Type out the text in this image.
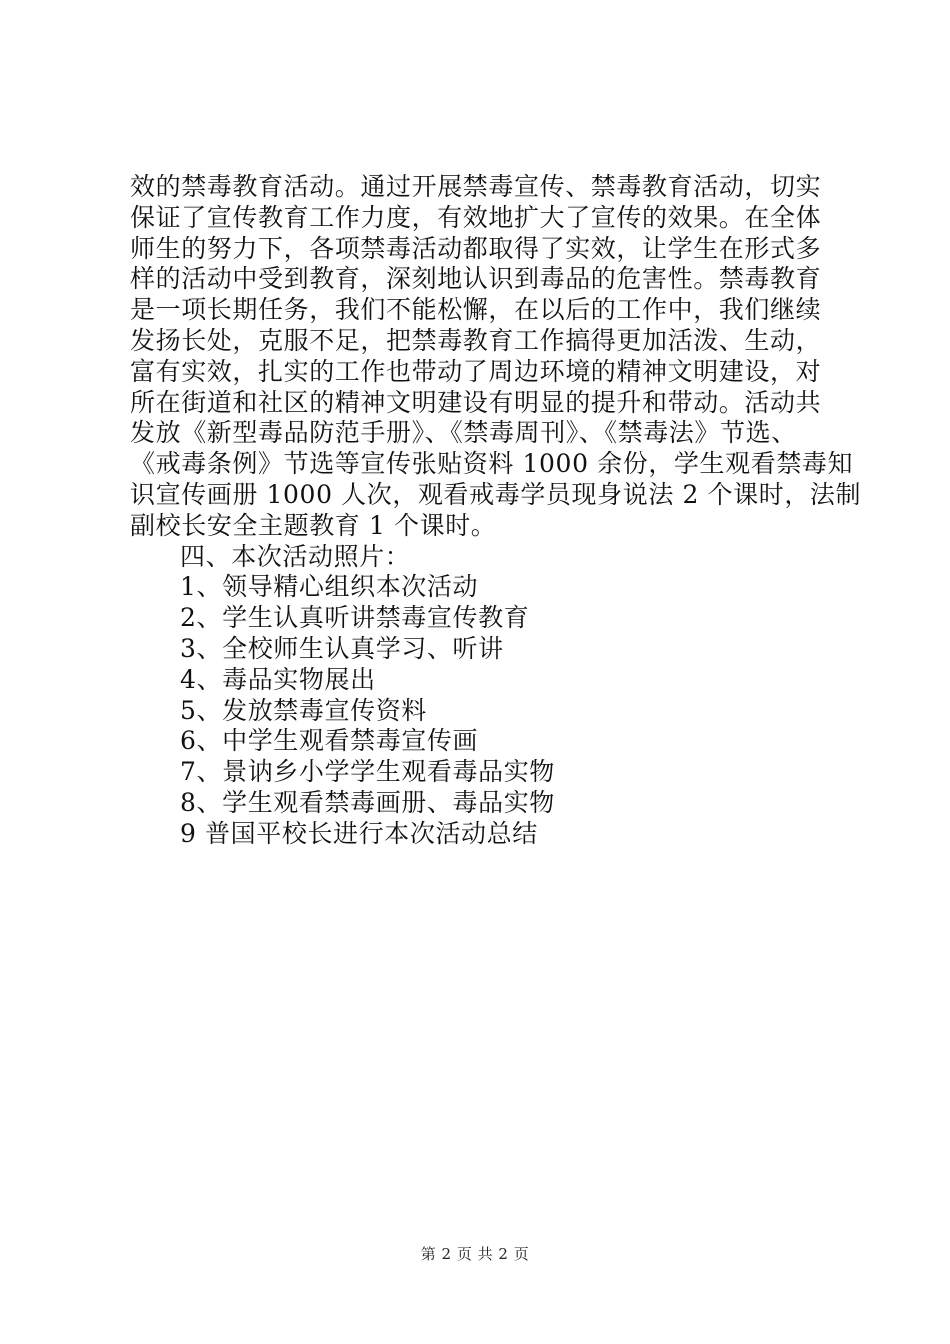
效的禁毒教育活动。通过开展禁毒宣传、禁毒教育活动，切实
保证了宣传教育工作力度，有效地扩大了宣传的效果。在全体
师生的努力下，各项禁毒活动都取得了实效，让学生在形式多
样的活动中受到教育，深刻地认识到毒品的危害性。禁毒教育
是一项长期任务，我们不能松懈，在以后的工作中，我们继续
发扬长处，克服不足，把禁毒教育工作搞得更加活泼、生动，
富有实效，扎实的工作也带动了周边环境的精神文明建设，对
所在街道和社区的精神文明建设有明显的提升和带动。活动共
发放《新型毒品防范手册》、《禁毒周刊》、《禁毒法》节选、
《戒毒条例》节选等宣传张贴资料 1000 余份，学生观看禁毒知
识宣传画册 1000 人次，观看戒毒学员现身说法 2 个课时，法制
副校长安全主题教育 1 个课时。
四、本次活动照片：
1、领导精心组织本次活动
2、学生认真听讲禁毒宣传教育
3、全校师生认真学习、听讲
4、毒品实物展出
5、发放禁毒宣传资料
6、中学生观看禁毒宣传画
7、景讷乡小学学生观看毒品实物
8、学生观看禁毒画册、毒品实物
9 普国平校长进行本次活动总结
第 2 页 共 2 页
